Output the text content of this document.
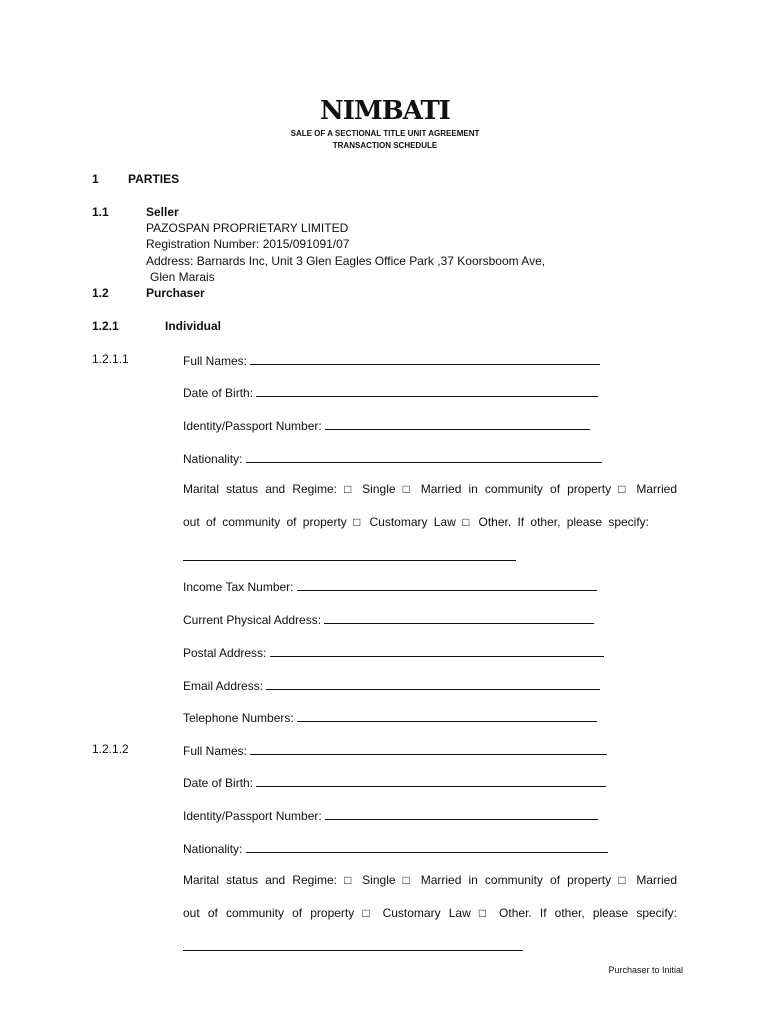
NIMBATI
SALE OF A SECTIONAL TITLE UNIT AGREEMENT
TRANSACTION SCHEDULE
1 PARTIES
1.1	Seller
PAZOSPAN PROPRIETARY LIMITED
Registration Number: 2015/091091/07
Address: Barnards Inc, Unit 3 Glen Eagles Office Park ,37 Koorsboom Ave,
Glen Marais
1.2	Purchaser
1.2.1	Individual
1.2.1.1	Full Names:
Date of Birth:
Identity/Passport Number:
Nationality:
Marital status and Regime: □ Single □ Married in community of property □ Married
out of community of property □ Customary Law □ Other. If other, please specify:
Income Tax Number:
Current Physical Address:
Postal Address:
Email Address:
Telephone Numbers:
1.2.1.2	Full Names:
Date of Birth:
Identity/Passport Number:
Nationality:
Marital status and Regime: □ Single □ Married in community of property □ Married
out of community of property □ Customary Law □ Other. If other, please specify:
Purchaser to Initial
